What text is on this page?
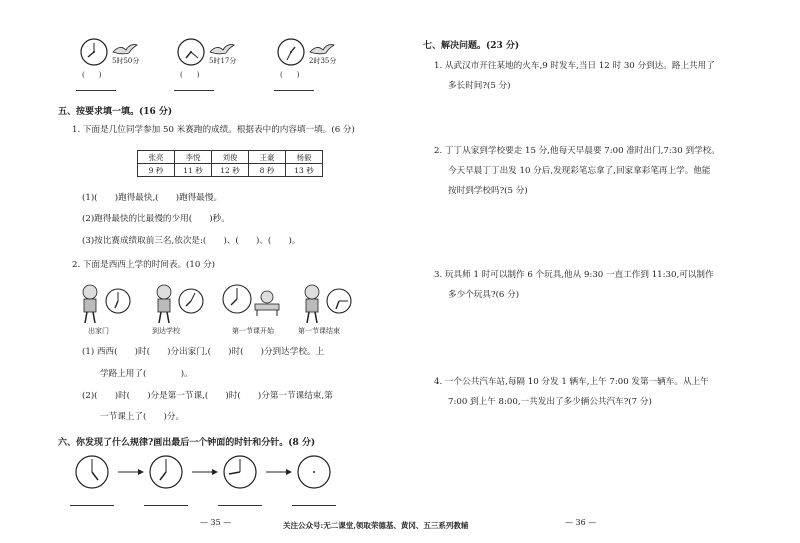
5时50分
(　　)
5时17分
(　　)
2时35分
(　　)
五、按要求填一填。(16 分)
1. 下面是几位同学参加 50 米赛跑的成绩。根据表中的内容填一填。(6 分)
张亮	李悦	刘俊	王豪	杨毅
9 秒	11 秒	12 秒	8 秒	13 秒
(1)(　　)跑得最快,(　　)跑得最慢。
(2)跑得最快的比最慢的少用(　　)秒。
(3)按比赛成绩取前三名,依次是:(　　)、(　　)、(　　)。
2. 下面是西西上学的时间表。(10 分)
出家门	到达学校	第一节课开始	第一节课结束
(1) 西西(　　)时(　　)分出家门,(　　)时(　　)分到达学校。上
学路上用了(　　　　)。
(2)(　　)时(　　)分是第一节课,(　　)时(　　)分第一节课结束,第
一节课上了(　　)分。
六、你发现了什么规律?画出最后一个钟面的时针和分针。(8 分)
七、解决问题。(23 分)
1. 从武汉市开往某地的火车,9 时发车,当日 12 时 30 分到达。路上共用了
多长时间?(5 分)
2. 丁丁从家到学校要走 15 分,他每天早晨要 7:00 准时出门,7:30 到学校。
今天早晨丁丁出发 10 分后,发现彩笔忘拿了,回家拿彩笔再上学。他能
按时到学校吗?(5 分)
3. 玩具师 1 时可以制作 6 个玩具,他从 9:30 一直工作到 11:30,可以制作
多少个玩具?(6 分)
4. 一个公共汽车站,每隔 10 分发 1 辆车,上午 7:00 发第一辆车。从上午
7:00 到上午 8:00,一共发出了多少辆公共汽车?(7 分)
— 35 —	关注公众号:无二课堂,领取荣德基、黄冈、五三系列教辅	— 36 —
